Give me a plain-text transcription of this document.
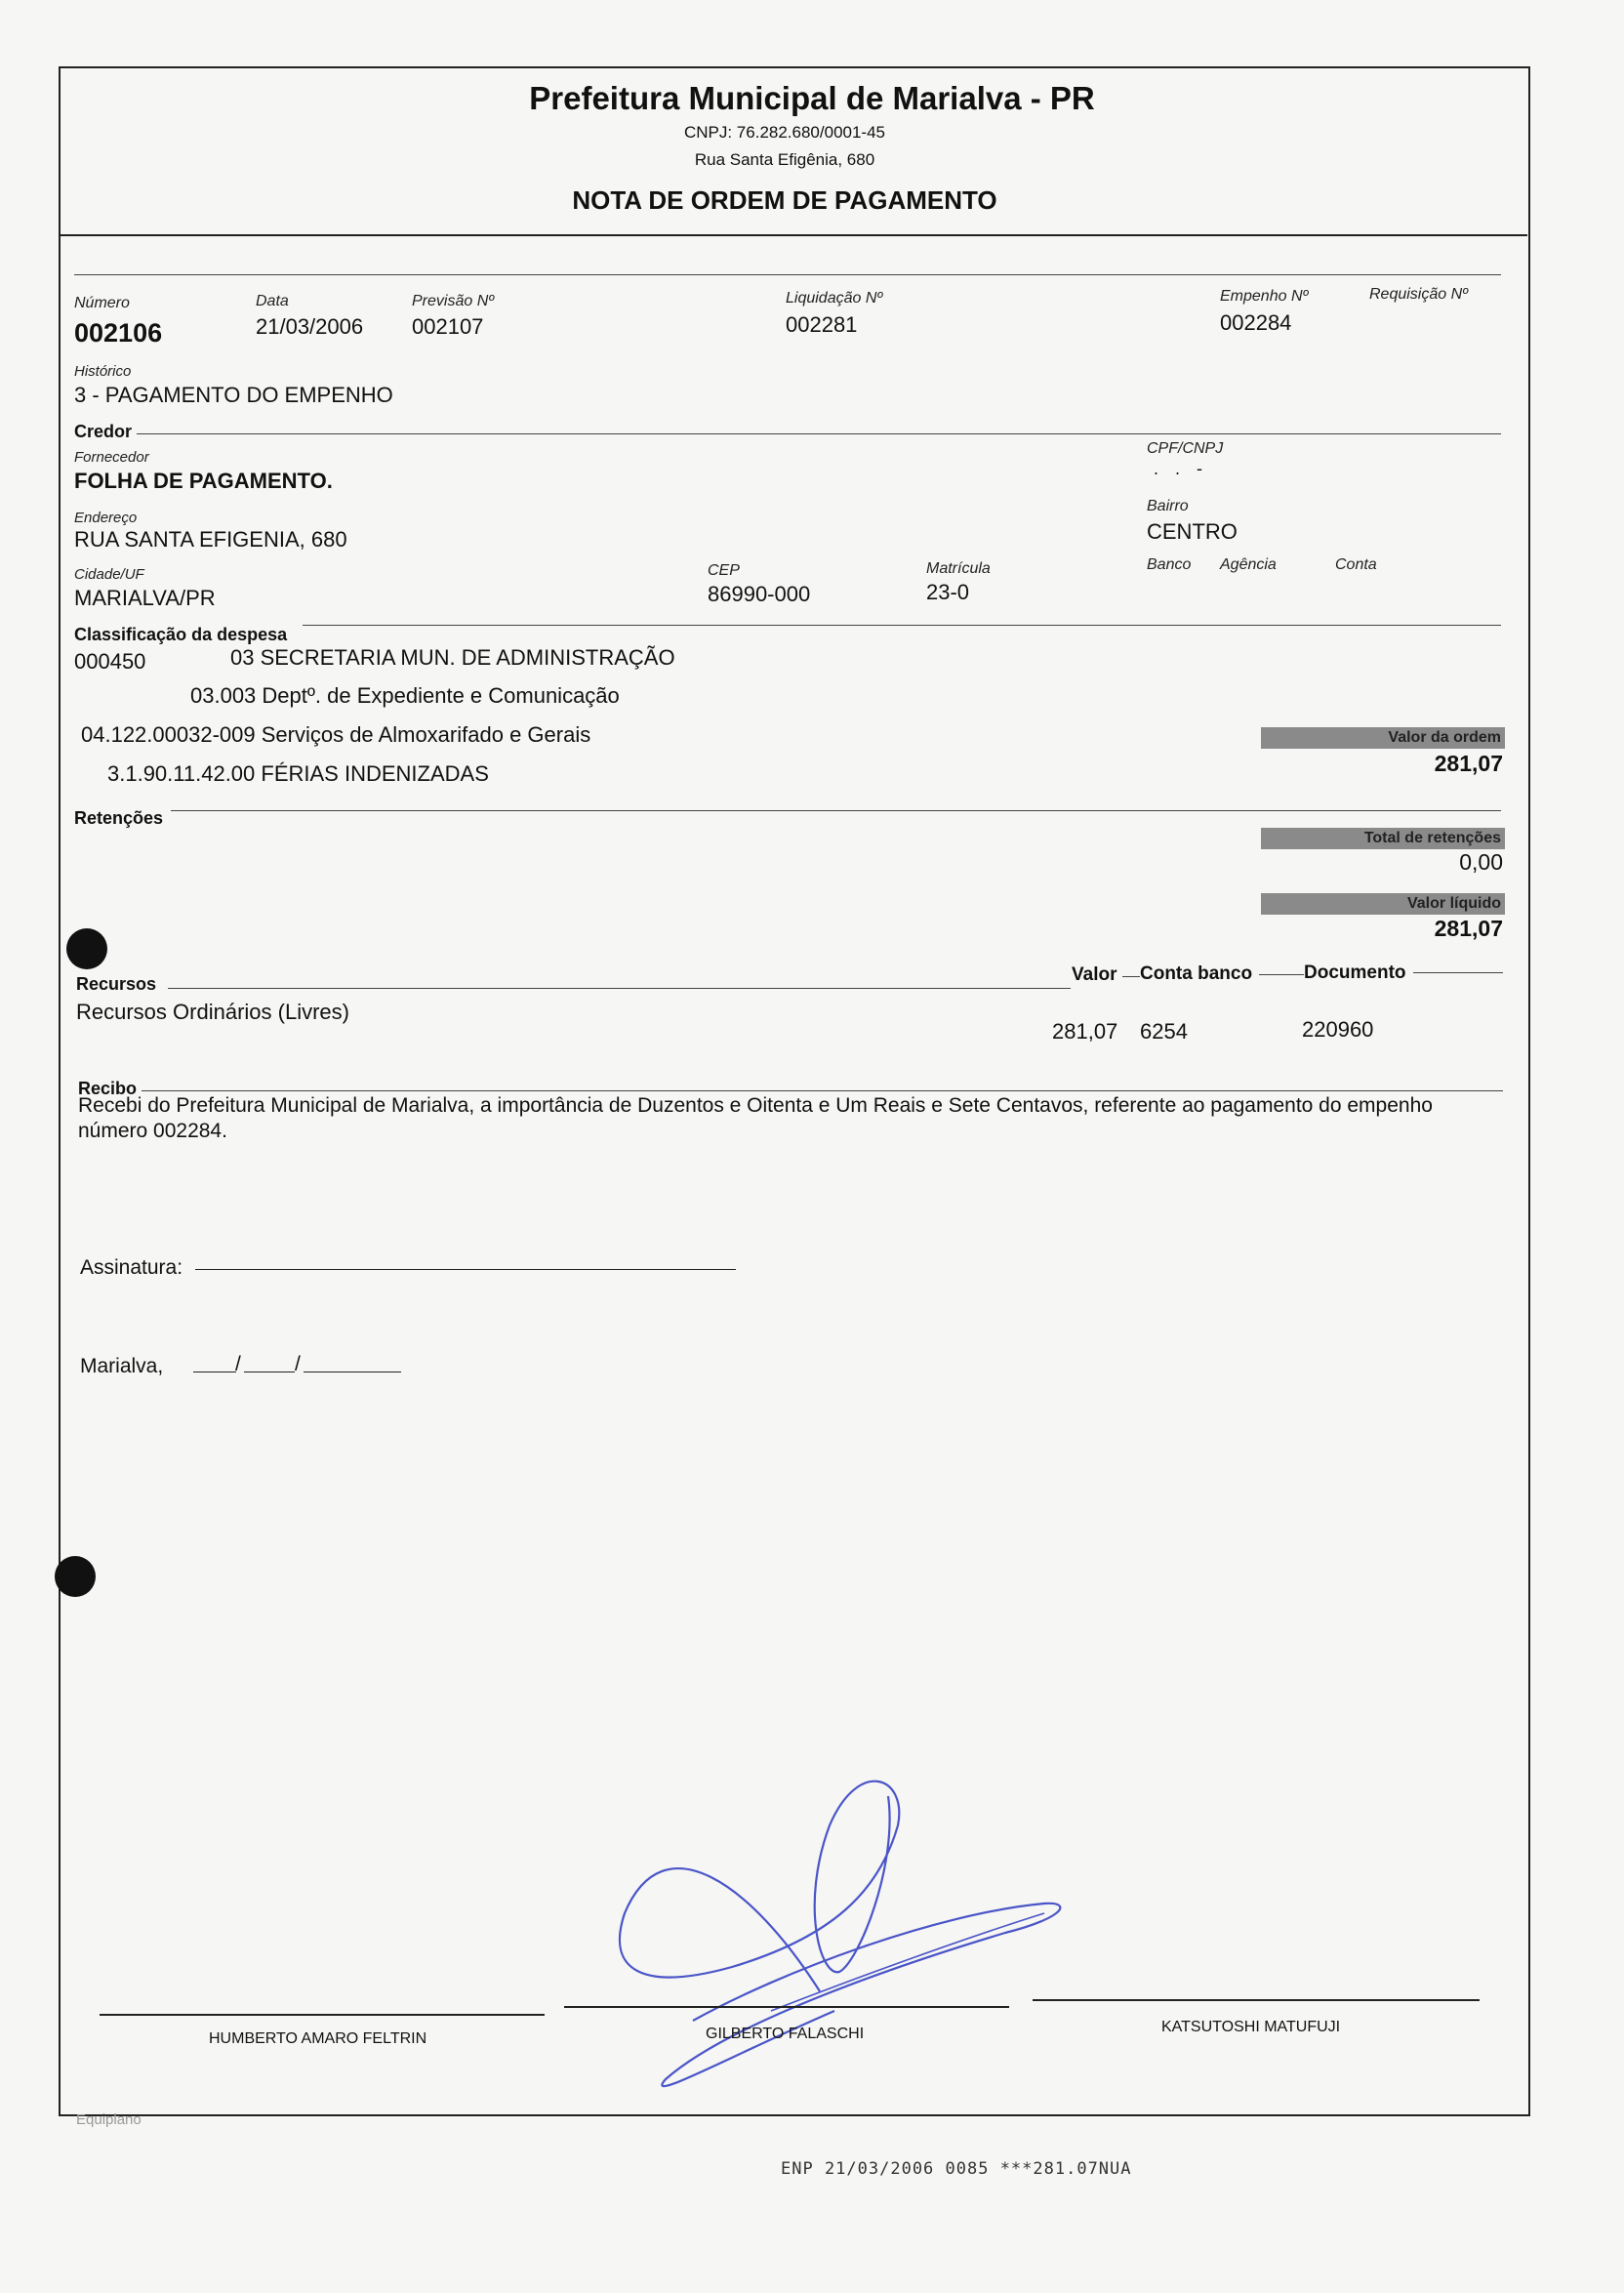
Prefeitura Municipal de Marialva - PR
CNPJ: 76.282.680/0001-45
Rua Santa Efigênia, 680
NOTA DE ORDEM DE PAGAMENTO
Número
002106
Data
21/03/2006
Previsão Nº
002107
Liquidação Nº
002281
Empenho Nº
002284
Requisição Nº
Histórico
3 - PAGAMENTO DO EMPENHO
Credor
Fornecedor
FOLHA DE PAGAMENTO.
CPF/CNPJ
. . -
Endereço
RUA SANTA EFIGENIA, 680
Bairro
CENTRO
Cidade/UF
MARIALVA/PR
CEP
86990-000
Matrícula
23-0
Banco Agência	Conta
Classificação da despesa
000450	03 SECRETARIA MUN. DE ADMINISTRAÇÃO
03.003 Deptº. de Expediente e Comunicação
04.122.00032-009 Serviços de Almoxarifado e Gerais
3.1.90.11.42.00 FÉRIAS INDENIZADAS
Valor da ordem
281,07
Retenções
Total de retenções
0,00
Valor líquido
281,07
Recursos	Valor Conta banco	Documento
Recursos Ordinários (Livres)
281,07 6254	220960
Recibo
Recebi do Prefeitura Municipal de Marialva, a importância de Duzentos e Oitenta e Um Reais e Sete Centavos, referente ao pagamento do empenho número 002284.
Assinatura:
Marialva,	/	/
HUMBERTO AMARO FELTRIN	GILBERTO FALASCHI	KATSUTOSHI MATUFUJI
Equiplano
ENP 21/03/2006 0085 ***281.07NUA
